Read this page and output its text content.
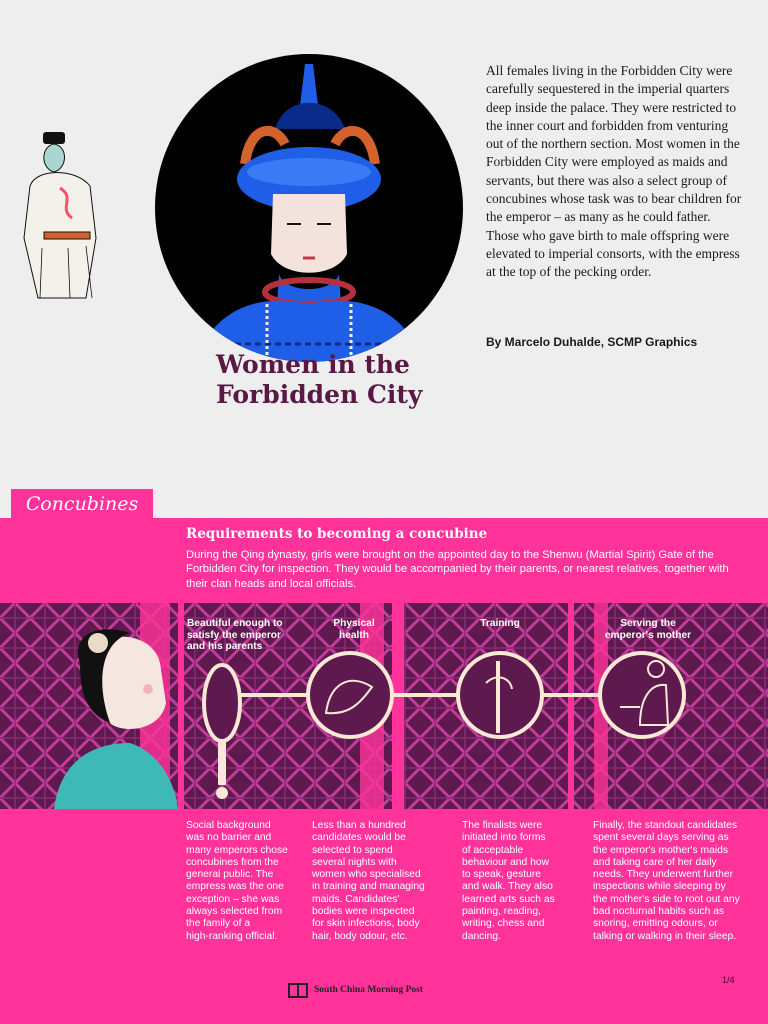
Women in the
Forbidden City

All females living in the Forbidden City were carefully sequestered in the imperial quarters deep inside the palace. They were restricted to the inner court and forbidden from venturing out of the northern section. Most women in the Forbidden City were employed as maids and servants, but there was also a select group of concubines whose task was to bear children for the emperor – as many as he could father. Those who gave birth to male offspring were elevated to imperial consorts, with the empress at the top of the pecking order.

By Marcelo Duhalde, SCMP Graphics

Concubines
Requirements to becoming a concubine

During the Qing dynasty, girls were brought on the appointed day to the Shenwu (Martial Spirit) Gate of the Forbidden City for inspection. They would be accompanied by their parents, or nearest relatives, together with their clan heads and local officials.

Beautiful enough to
satisfy the emperor
and his parents
Physical
health
Training	Serving the
emperor's mother
Social background
was no barrier and
many emperors chose
concubines from the
general public. The
empress was the one
exception – she was
always selected from
the family of a
high-ranking official.
Less than a hundred
candidates would be
selected to spend
several nights with
women who specialised
in training and managing
maids. Candidates'
bodies were inspected
for skin infections, body
hair, body odour, etc.
The finalists were
initiated into forms
of acceptable
behaviour and how
to speak, gesture
and walk. They also
learned arts such as
painting, reading,
writing, chess and
dancing.
Finally, the standout candidates
spent several days serving as
the emperor's mother's maids
and taking care of her daily
needs. They underwent further
inspections while sleeping by
the mother's side to root out any
bad nocturnal habits such as
snoring, emitting odours, or
talking or walking in their sleep.
1/4
South China Morning Post
